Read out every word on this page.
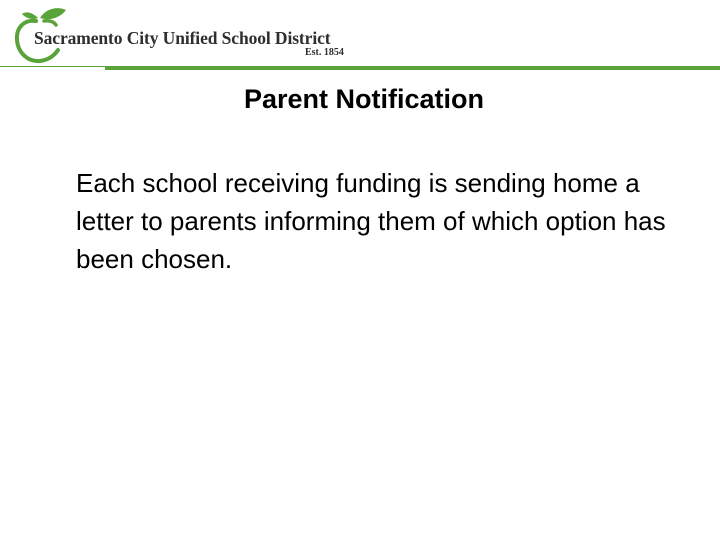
Sacramento City Unified School District
Est. 1854
Parent Notification
Each school receiving funding is sending home a letter to parents informing them of which option has been chosen.
